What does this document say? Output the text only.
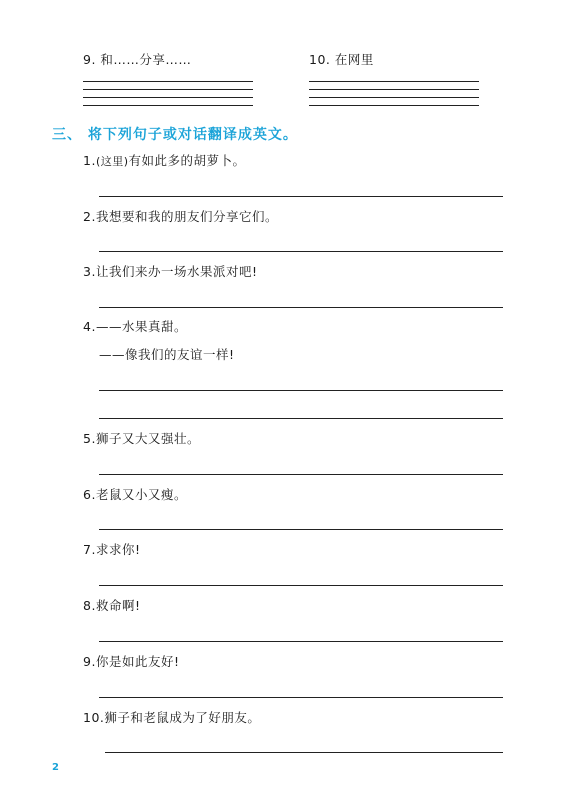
9. 和……分享……	10. 在网里
三、 将下列句子或对话翻译成英文。
1.(这里)有如此多的胡萝卜。
2.我想要和我的朋友们分享它们。
3.让我们来办一场水果派对吧!
4.——水果真甜。
——像我们的友谊一样!
5.狮子又大又强壮。
6.老鼠又小又瘦。
7.求求你!
8.救命啊!
9.你是如此友好!
10.狮子和老鼠成为了好朋友。
2
